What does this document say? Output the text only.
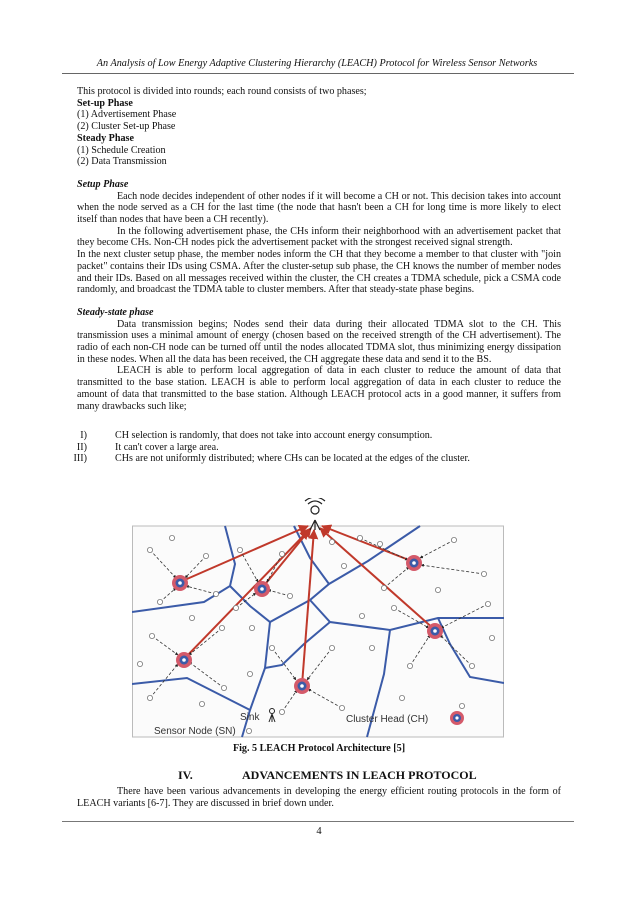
An Analysis of Low Energy Adaptive Clustering Hierarchy (LEACH) Protocol for Wireless Sensor Networks
This protocol is divided into rounds; each round consists of two phases;
Set-up Phase
(1) Advertisement Phase
(2) Cluster Set-up Phase
Steady Phase
(1) Schedule Creation
(2) Data Transmission
Setup Phase

Each node decides independent of other nodes if it will become a CH or not. This decision takes into account when the node served as a CH for the last time (the node that hasn't been a CH for long time is more likely to elect itself than nodes that have been a CH recently).

In the following advertisement phase, the CHs inform their neighborhood with an advertisement packet that they become CHs. Non-CH nodes pick the advertisement packet with the strongest received signal strength.

In the next cluster setup phase, the member nodes inform the CH that they become a member to that cluster with "join packet" contains their IDs using CSMA. After the cluster-setup sub phase, the CH knows the number of member nodes and their IDs. Based on all messages received within the cluster, the CH creates a TDMA schedule, pick a CSMA code randomly, and broadcast the TDMA table to cluster members. After that steady-state phase begins.

Steady-state phase

Data transmission begins; Nodes send their data during their allocated TDMA slot to the CH. This transmission uses a minimal amount of energy (chosen based on the received strength of the CH advertisement). The radio of each non-CH node can be turned off until the nodes allocated TDMA slot, thus minimizing energy dissipation in these nodes. When all the data has been received, the CH aggregate these data and send it to the BS.

LEACH is able to perform local aggregation of data in each cluster to reduce the amount of data that transmitted to the base station. LEACH is able to perform local aggregation of data in each cluster to reduce the amount of data that transmitted to the base station. Although LEACH protocol acts in a good manner, it suffers from many drawbacks such like;

I)	CH selection is randomly, that does not take into account energy consumption.
II)	It can't cover a large area.
III)	CHs are not uniformly distributed; where CHs can be located at the edges of the cluster.
Sink	Cluster Head (CH)
Sensor Node (SN)
Fig. 5 LEACH Protocol Architecture [5]
IV.	ADVANCEMENTS IN LEACH PROTOCOL

There have been various advancements in developing the energy efficient routing protocols in the form of LEACH variants [6-7]. They are discussed in brief down under.

4
